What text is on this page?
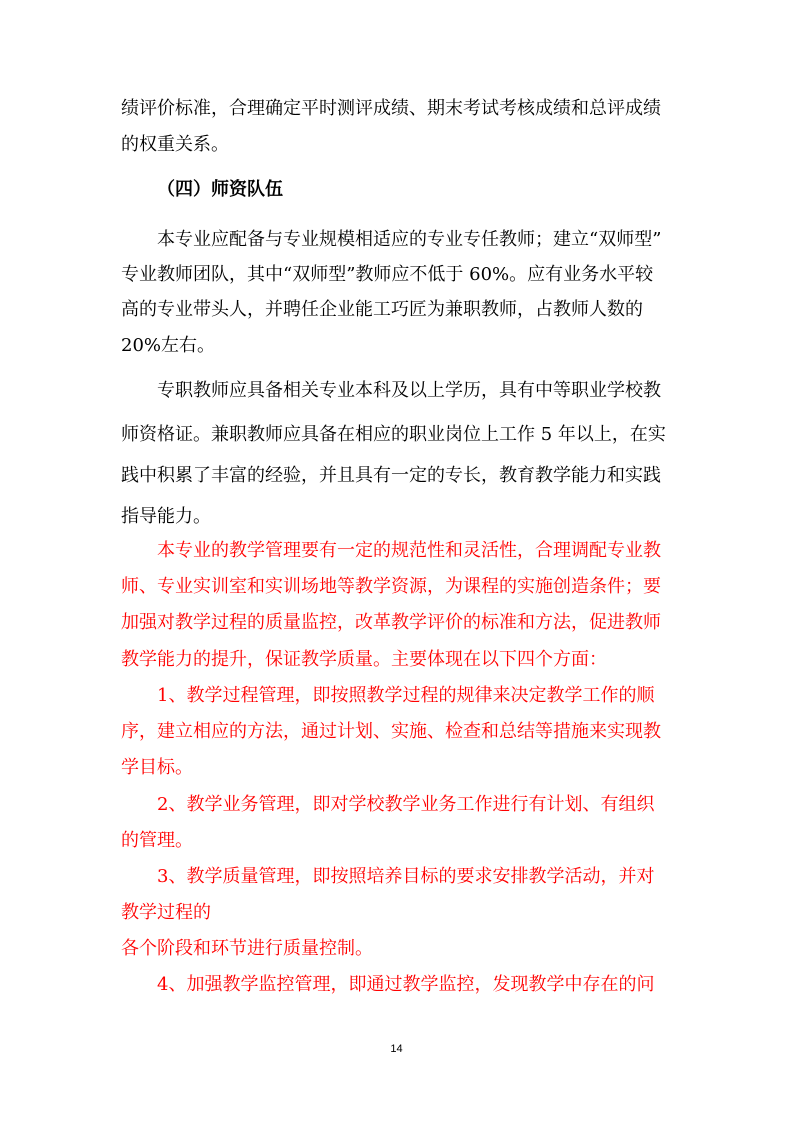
绩评价标准，合理确定平时测评成绩、期末考试考核成绩和总评成绩
的权重关系。
（四）师资队伍
本专业应配备与专业规模相适应的专业专任教师；建立“双师型”
专业教师团队，其中“双师型”教师应不低于 60%。应有业务水平较
高的专业带头人，并聘任企业能工巧匠为兼职教师，占教师人数的
20%左右。
专职教师应具备相关专业本科及以上学历，具有中等职业学校教
师资格证。兼职教师应具备在相应的职业岗位上工作 5 年以上，在实
践中积累了丰富的经验，并且具有一定的专长，教育教学能力和实践
指导能力。
本专业的教学管理要有一定的规范性和灵活性，合理调配专业教
师、专业实训室和实训场地等教学资源，为课程的实施创造条件；要
加强对教学过程的质量监控，改革教学评价的标准和方法，促进教师
教学能力的提升，保证教学质量。主要体现在以下四个方面：
1、教学过程管理，即按照教学过程的规律来决定教学工作的顺
序，建立相应的方法，通过计划、实施、检查和总结等措施来实现教
学目标。
2、教学业务管理，即对学校教学业务工作进行有计划、有组织
的管理。
3、教学质量管理，即按照培养目标的要求安排教学活动，并对
教学过程的
各个阶段和环节进行质量控制。
4、加强教学监控管理，即通过教学监控，发现教学中存在的问
14
